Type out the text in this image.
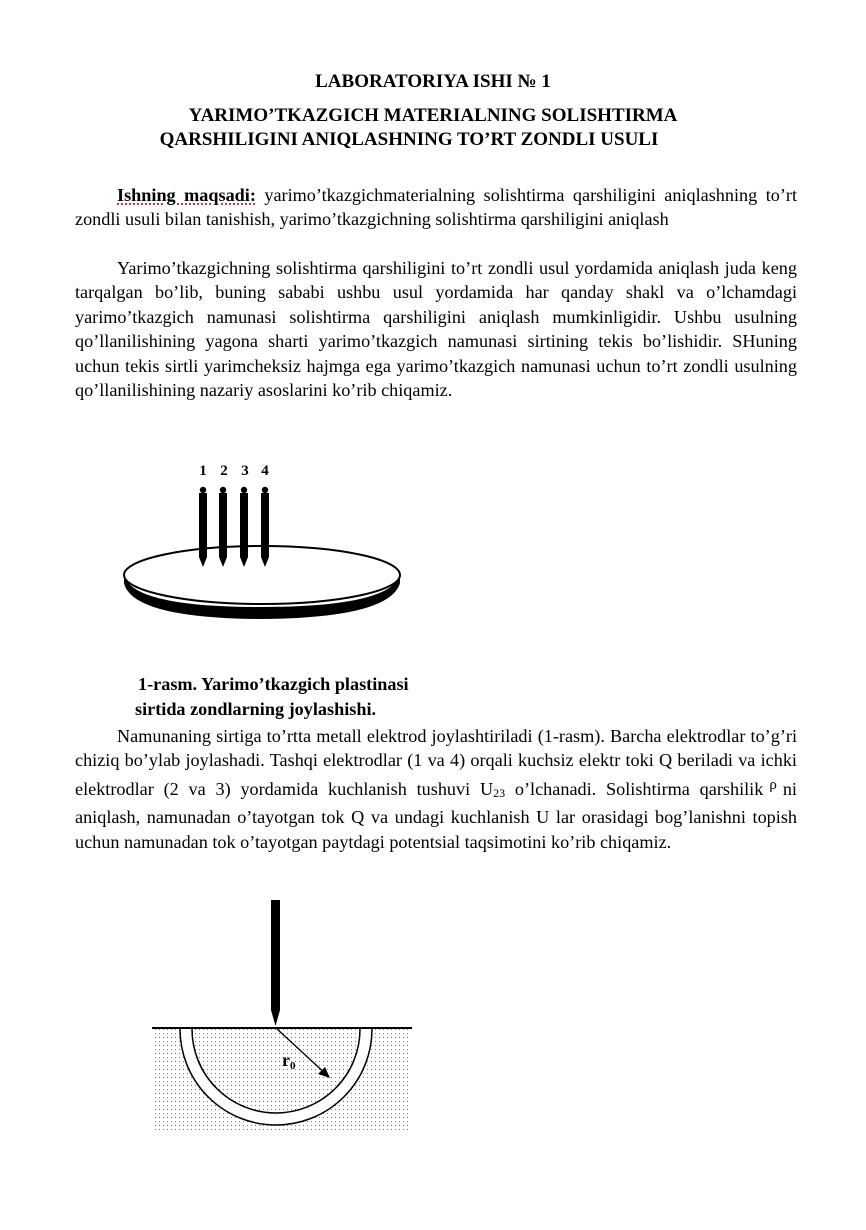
LABORATORIYA ISHI № 1
YARIMO’TKAZGICH MATERIALNING SOLISHTIRMA
QARSHILIGINI ANIQLASHNING TO’RT ZONDLI USULI

Ishning maqsadi: yarimo’tkazgichmaterialning solishtirma qarshiligini aniqlashning to’rt zondli usuli bilan tanishish, yarimo’tkazgichning solishtirma qarshiligini aniqlash

Yarimo’tkazgichning solishtirma qarshiligini to’rt zondli usul yordamida aniqlash juda keng tarqalgan bo’lib, buning sababi ushbu usul yordamida har qanday shakl va o’lchamdagi yarimo’tkazgich namunasi solishtirma qarshiligini aniqlash mumkinligidir. Ushbu usulning qo’llanilishining yagona sharti yarimo’tkazgich namunasi sirtining tekis bo’lishidir. SHuning uchun tekis sirtli yarimcheksiz hajmga ega yarimo’tkazgich namunasi uchun to’rt zondli usulning qo’llanilishining nazariy asoslarini ko’rib chiqamiz.

1 2 3 4
1-rasm. Yarimo’tkazgich plastinasi
sirtida zondlarning joylashishi.

Namunaning sirtiga to’rtta metall elektrod joylashtiriladi (1-rasm). Barcha elektrodlar to’g’ri chiziq bo’ylab joylashadi. Tashqi elektrodlar (1 va 4) orqali kuchsiz elektr toki Q beriladi va ichki elektrodlar (2 va 3) yordamida kuchlanish tushuvi $U_{23}$ o’lchanadi. Solishtirma qarshilik $^\rho$ ni aniqlash, namunadan o’tayotgan tok Q va undagi kuchlanish U lar orasidagi bog’lanishni topish uchun namunadan tok o’tayotgan paytdagi potentsial taqsimotini ko’rib chiqamiz.

r0
